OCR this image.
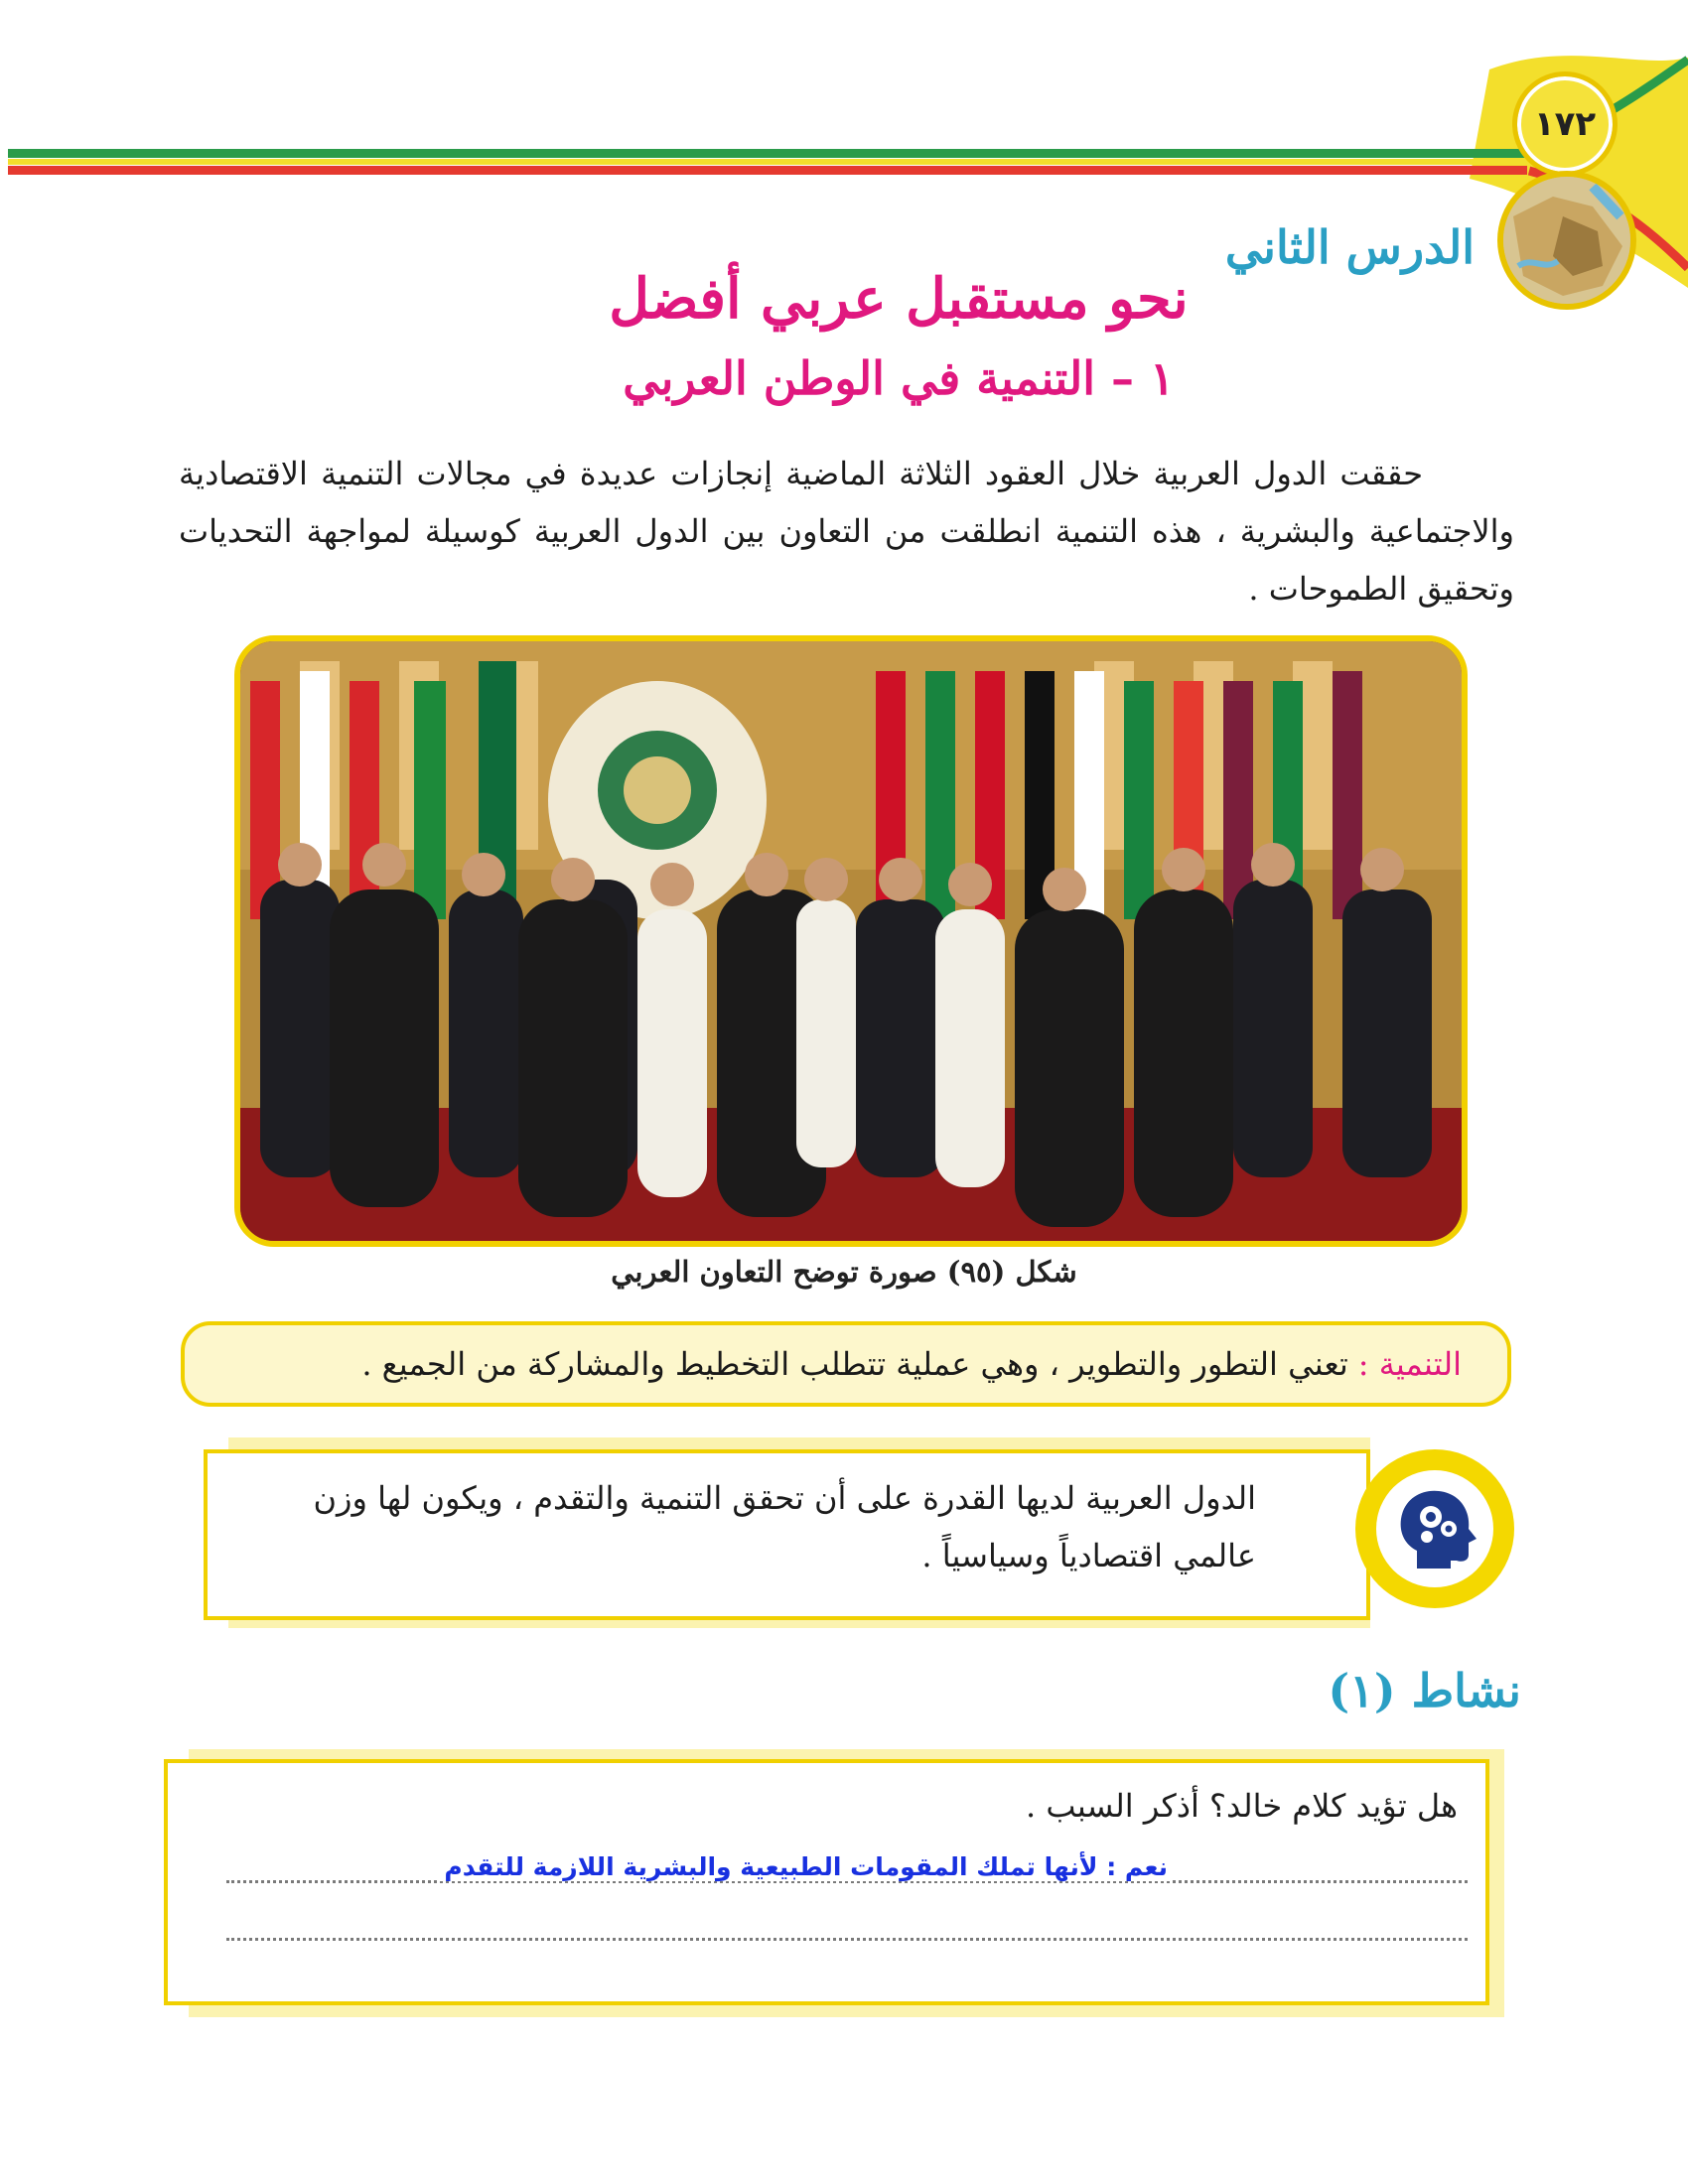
١٧٢
الدرس الثاني
نحو مستقبل عربي أفضل
١ – التنمية في الوطن العربي
حققت الدول العربية خلال العقود الثلاثة الماضية إنجازات عديدة في مجالات التنمية الاقتصادية والاجتماعية والبشرية ، هذه التنمية انطلقت من التعاون بين الدول العربية كوسيلة لمواجهة التحديات وتحقيق الطموحات .
شكل (٩٥) صورة توضح التعاون العربي
التنمية :
تعني التطور والتطوير ، وهي عملية تتطلب التخطيط والمشاركة من الجميع .
الدول العربية لديها القدرة على أن تحقق التنمية والتقدم ، ويكون لها وزن عالمي اقتصادياً وسياسياً .
نشاط (١)
هل تؤيد كلام خالد؟ أذكر السبب .
نعم : لأنها تملك المقومات الطبيعية والبشرية اللازمة للتقدم
